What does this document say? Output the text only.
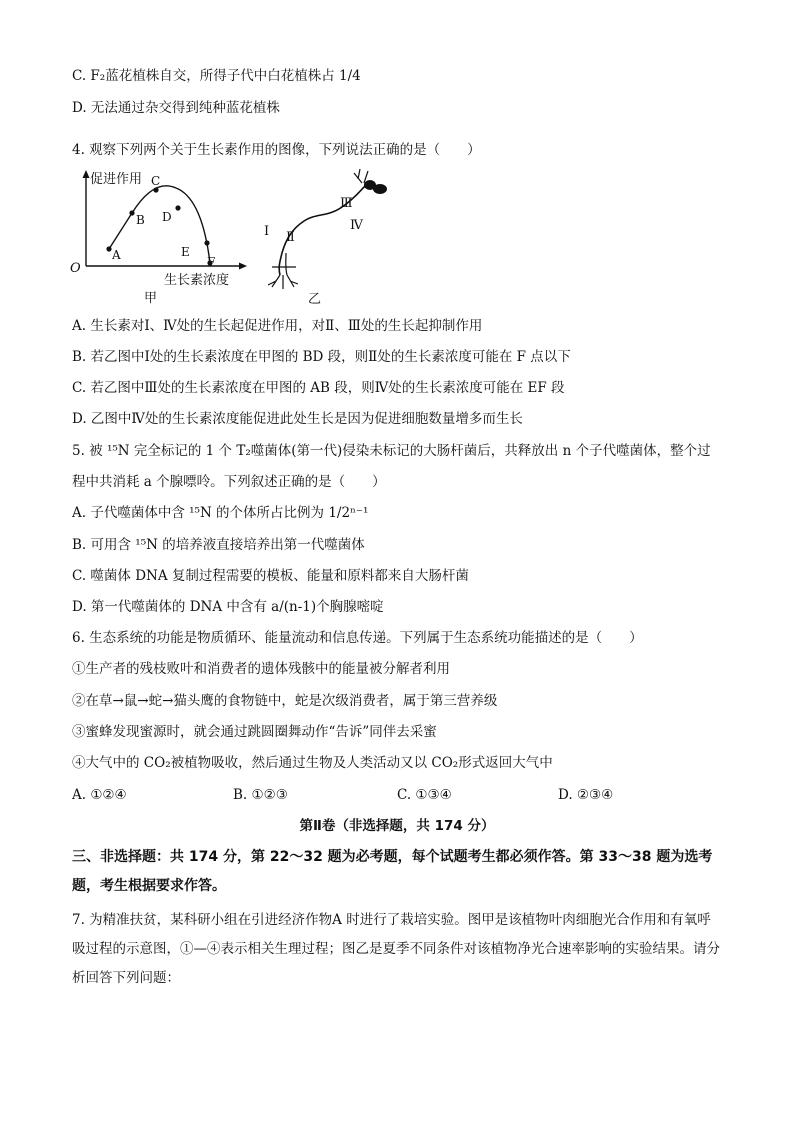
C. F₂蓝花植株自交，所得子代中白花植株占 1/4
D. 无法通过杂交得到纯种蓝花植株
4. 观察下列两个关于生长素作用的图像，下列说法正确的是（　　）
促进作用
O
A
B
C
D
E
F
生长素浓度
甲
Ⅰ Ⅱ
Ⅲ
Ⅳ
乙
A. 生长素对Ⅰ、Ⅳ处的生长起促进作用，对Ⅱ、Ⅲ处的生长起抑制作用
B. 若乙图中Ⅰ处的生长素浓度在甲图的 BD 段，则Ⅱ处的生长素浓度可能在 F 点以下
C. 若乙图中Ⅲ处的生长素浓度在甲图的 AB 段，则Ⅳ处的生长素浓度可能在 EF 段
D. 乙图中Ⅳ处的生长素浓度能促进此处生长是因为促进细胞数量增多而生长
5. 被 ¹⁵N 完全标记的 1 个 T₂噬菌体(第一代)侵染未标记的大肠杆菌后，共释放出 n 个子代噬菌体，整个过
程中共消耗 a 个腺嘌呤。下列叙述正确的是（　　）
A. 子代噬菌体中含 ¹⁵N 的个体所占比例为 1/2ⁿ⁻¹
B. 可用含 ¹⁵N 的培养液直接培养出第一代噬菌体
C. 噬菌体 DNA 复制过程需要的模板、能量和原料都来自大肠杆菌
D. 第一代噬菌体的 DNA 中含有 a/(n-1)个胸腺嘧啶
6. 生态系统的功能是物质循环、能量流动和信息传递。下列属于生态系统功能描述的是（　　）
①生产者的残枝败叶和消费者的遗体残骸中的能量被分解者利用
②在草→鼠→蛇→猫头鹰的食物链中，蛇是次级消费者，属于第三营养级
③蜜蜂发现蜜源时，就会通过跳圆圈舞动作“告诉”同伴去采蜜
④大气中的 CO₂被植物吸收，然后通过生物及人类活动又以 CO₂形式返回大气中
A. ①②④	B. ①②③	C. ①③④	D. ②③④
第Ⅱ卷（非选择题，共 174 分）
三、非选择题：共 174 分，第 22～32 题为必考题，每个试题考生都必须作答。第 33～38 题为选考题，考生根据要求作答。
7. 为精准扶贫，某科研小组在引进经济作物A 时进行了栽培实验。图甲是该植物叶肉细胞光合作用和有氧呼吸过程的示意图，①—④表示相关生理过程；图乙是夏季不同条件对该植物净光合速率影响的实验结果。请分析回答下列问题：
